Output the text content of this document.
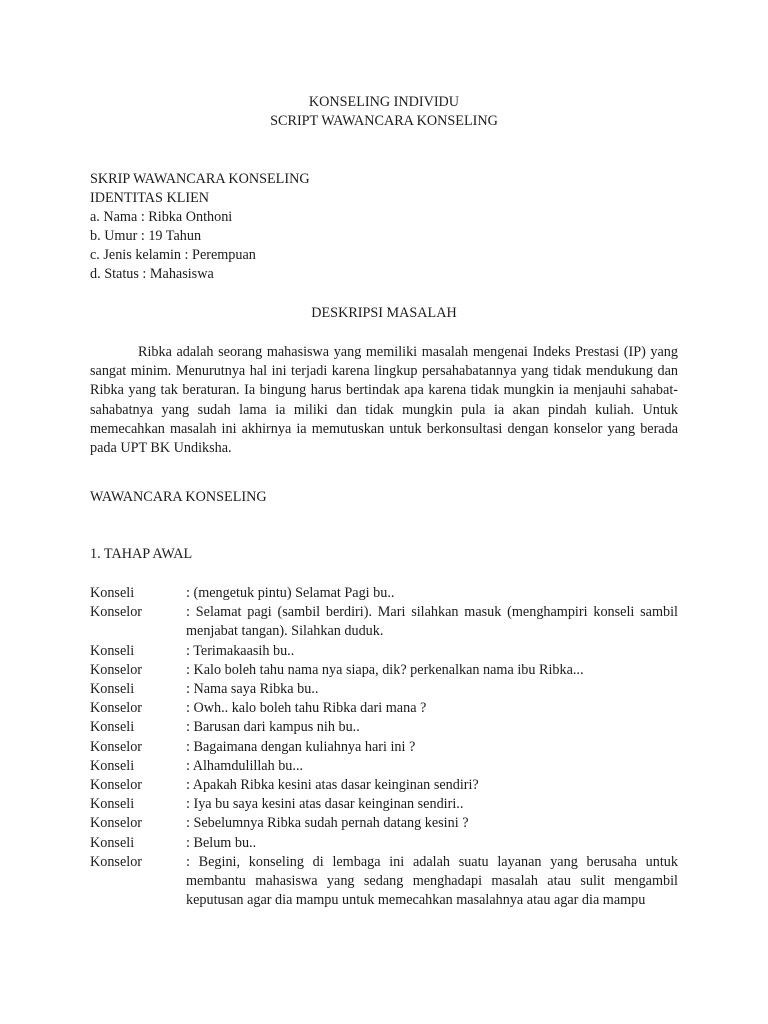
KONSELING INDIVIDU
SCRIPT WAWANCARA KONSELING
SKRIP WAWANCARA KONSELING
IDENTITAS KLIEN
a. Nama : Ribka Onthoni
b. Umur : 19 Tahun
c. Jenis kelamin : Perempuan
d. Status : Mahasiswa
DESKRIPSI MASALAH

Ribka adalah seorang mahasiswa yang memiliki masalah mengenai Indeks Prestasi (IP) yang sangat minim. Menurutnya hal ini terjadi karena lingkup persahabatannya yang tidak mendukung dan Ribka yang tak beraturan. Ia bingung harus bertindak apa karena tidak mungkin ia menjauhi sahabat-sahabatnya yang sudah lama ia miliki dan tidak mungkin pula ia akan pindah kuliah. Untuk memecahkan masalah ini akhirnya ia memutuskan untuk berkonsultasi dengan konselor yang berada pada UPT BK Undiksha.

WAWANCARA KONSELING
1. TAHAP AWAL
Konseli	: (mengetuk pintu) Selamat Pagi bu..
Konselor	: Selamat pagi (sambil berdiri). Mari silahkan masuk (menghampiri konseli sambil menjabat tangan). Silahkan duduk.
Konseli	: Terimakaasih bu..
Konselor	: Kalo boleh tahu nama nya siapa, dik? perkenalkan nama ibu Ribka...
Konseli	: Nama saya Ribka bu..
Konselor	: Owh.. kalo boleh tahu Ribka dari mana ?
Konseli	: Barusan dari kampus nih bu..
Konselor	: Bagaimana dengan kuliahnya hari ini ?
Konseli	: Alhamdulillah bu...
Konselor	: Apakah Ribka kesini atas dasar keinginan sendiri?
Konseli	: Iya bu saya kesini atas dasar keinginan sendiri..
Konselor	: Sebelumnya Ribka sudah pernah datang kesini ?
Konseli	: Belum bu..
Konselor	: Begini, konseling di lembaga ini adalah suatu layanan yang berusaha untuk membantu mahasiswa yang sedang menghadapi masalah atau sulit mengambil keputusan agar dia mampu untuk memecahkan masalahnya atau agar dia mampu
